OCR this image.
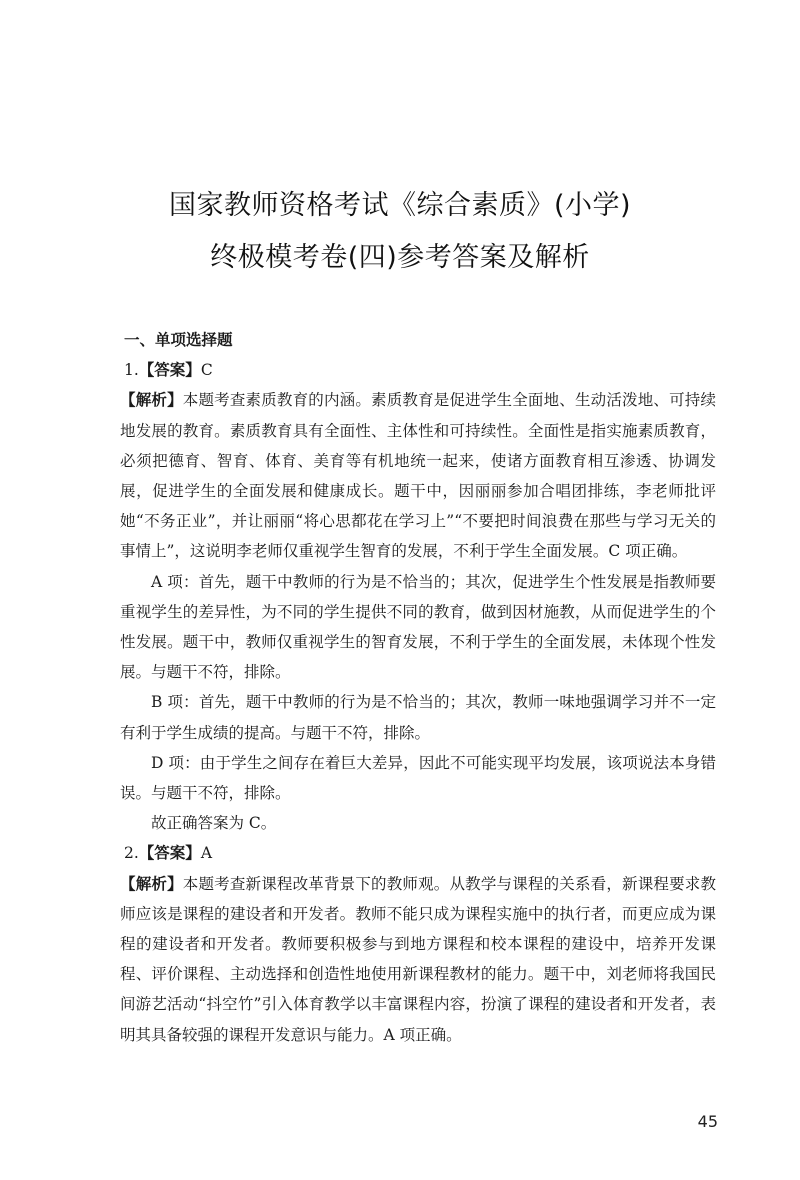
国家教师资格考试《综合素质》(小学)
终极模考卷(四)参考答案及解析

一、单项选择题

1.【答案】C

【解析】本题考查素质教育的内涵。素质教育是促进学生全面地、生动活泼地、可持续地发展的教育。素质教育具有全面性、主体性和可持续性。全面性是指实施素质教育，必须把德育、智育、体育、美育等有机地统一起来，使诸方面教育相互渗透、协调发展，促进学生的全面发展和健康成长。题干中，因丽丽参加合唱团排练，李老师批评她“不务正业”，并让丽丽“将心思都花在学习上”“不要把时间浪费在那些与学习无关的事情上”，这说明李老师仅重视学生智育的发展，不利于学生全面发展。C 项正确。

A 项：首先，题干中教师的行为是不恰当的；其次，促进学生个性发展是指教师要重视学生的差异性，为不同的学生提供不同的教育，做到因材施教，从而促进学生的个性发展。题干中，教师仅重视学生的智育发展，不利于学生的全面发展，未体现个性发展。与题干不符，排除。

B 项：首先，题干中教师的行为是不恰当的；其次，教师一味地强调学习并不一定有利于学生成绩的提高。与题干不符，排除。

D 项：由于学生之间存在着巨大差异，因此不可能实现平均发展，该项说法本身错误。与题干不符，排除。

故正确答案为 C。

2.【答案】A

【解析】本题考查新课程改革背景下的教师观。从教学与课程的关系看，新课程要求教师应该是课程的建设者和开发者。教师不能只成为课程实施中的执行者，而更应成为课程的建设者和开发者。教师要积极参与到地方课程和校本课程的建设中，培养开发课程、评价课程、主动选择和创造性地使用新课程教材的能力。题干中，刘老师将我国民间游艺活动“抖空竹”引入体育教学以丰富课程内容，扮演了课程的建设者和开发者，表明其具备较强的课程开发意识与能力。A 项正确。

45
